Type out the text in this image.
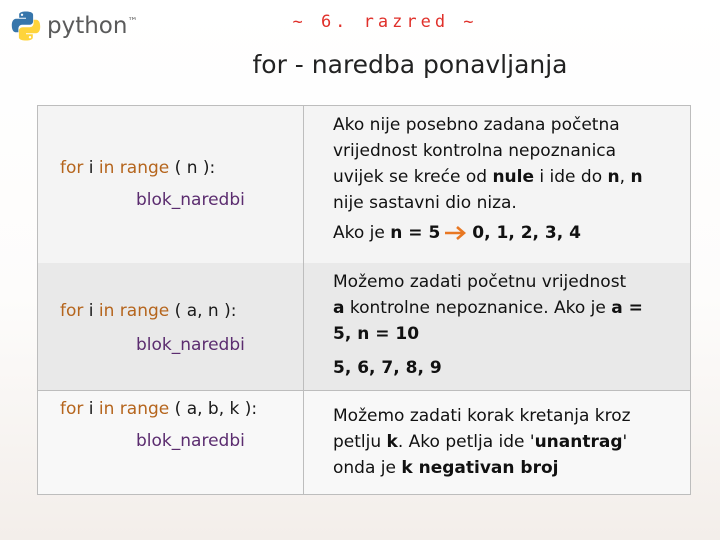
python™	~ 6. razred ~
for - naredba ponavljanja
for i in range ( n ):
blok_naredbi
Ako nije posebno zadana početna
vrijednost kontrolna nepoznanica
uvijek se kreće od nule i ide do n, n
nije sastavni dio niza.
Ako je n = 5 0, 1, 2, 3, 4
for i in range ( a, n ):
blok_naredbi
Možemo zadati početnu vrijednost
a kontrolne nepoznanice. Ako je a =
5, n = 10
5, 6, 7, 8, 9
for i in range ( a, b, k ):
blok_naredbi
Možemo zadati korak kretanja kroz
petlju k. Ako petlja ide 'unantrag'
onda je k negativan broj
